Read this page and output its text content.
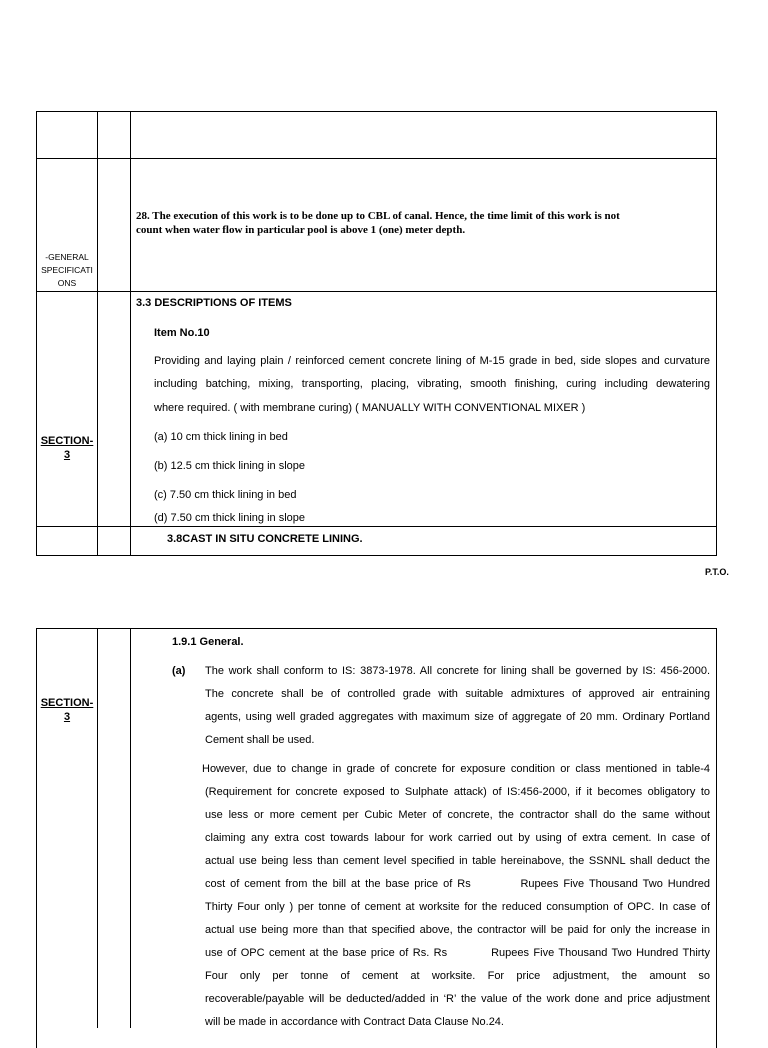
-GENERAL
SPECIFICATI
ONS
28. The execution of this work is to be done up to CBL of canal. Hence, the time limit of this work is not
count when water flow in particular pool is above 1 (one) meter depth.
SECTION-
3
3.3 DESCRIPTIONS OF ITEMS
Item No.10
Providing and laying plain / reinforced cement concrete lining of M-15 grade in bed, side slopes and curvature
including batching, mixing, transporting, placing, vibrating, smooth finishing, curing including dewatering
where required. ( with membrane curing) ( MANUALLY WITH CONVENTIONAL MIXER )
(a) 10 cm thick lining in bed
(b) 12.5 cm thick lining in slope
(c) 7.50 cm thick lining in bed
(d) 7.50 cm thick lining in slope
3.8CAST IN SITU CONCRETE LINING.
P.T.O.
SECTION-
3
1.9.1 General.
(a) The work shall conform to IS: 3873-1978. All concrete for lining shall be governed by IS: 456-2000.
The concrete shall be of controlled grade with suitable admixtures of approved air entraining
agents, using well graded aggregates with maximum size of aggregate of 20 mm. Ordinary Portland
Cement shall be used.
However, due to change in grade of concrete for exposure condition or class mentioned in table-4
(Requirement for concrete exposed to Sulphate attack) of IS:456-2000, if it becomes obligatory to
use less or more cement per Cubic Meter of concrete, the contractor shall do the same without
claiming any extra cost towards labour for work carried out by using of extra cement. In case of
actual use being less than cement level specified in table hereinabove, the SSNNL shall deduct the
cost of cement from the bill at the base price of Rs          Rupees Five Thousand Two Hundred
Thirty Four only ) per tonne of cement at worksite for the reduced consumption of OPC. In case of
actual use being more than that specified above, the contractor will be paid for only the increase in
use of OPC cement at the base price of Rs. Rs          Rupees Five Thousand Two Hundred Thirty
Four only per tonne of cement at worksite. For price adjustment, the amount so
recoverable/payable will be deducted/added in ‘R’ the value of the work done and price adjustment
will be made in accordance with Contract Data Clause No.24.
